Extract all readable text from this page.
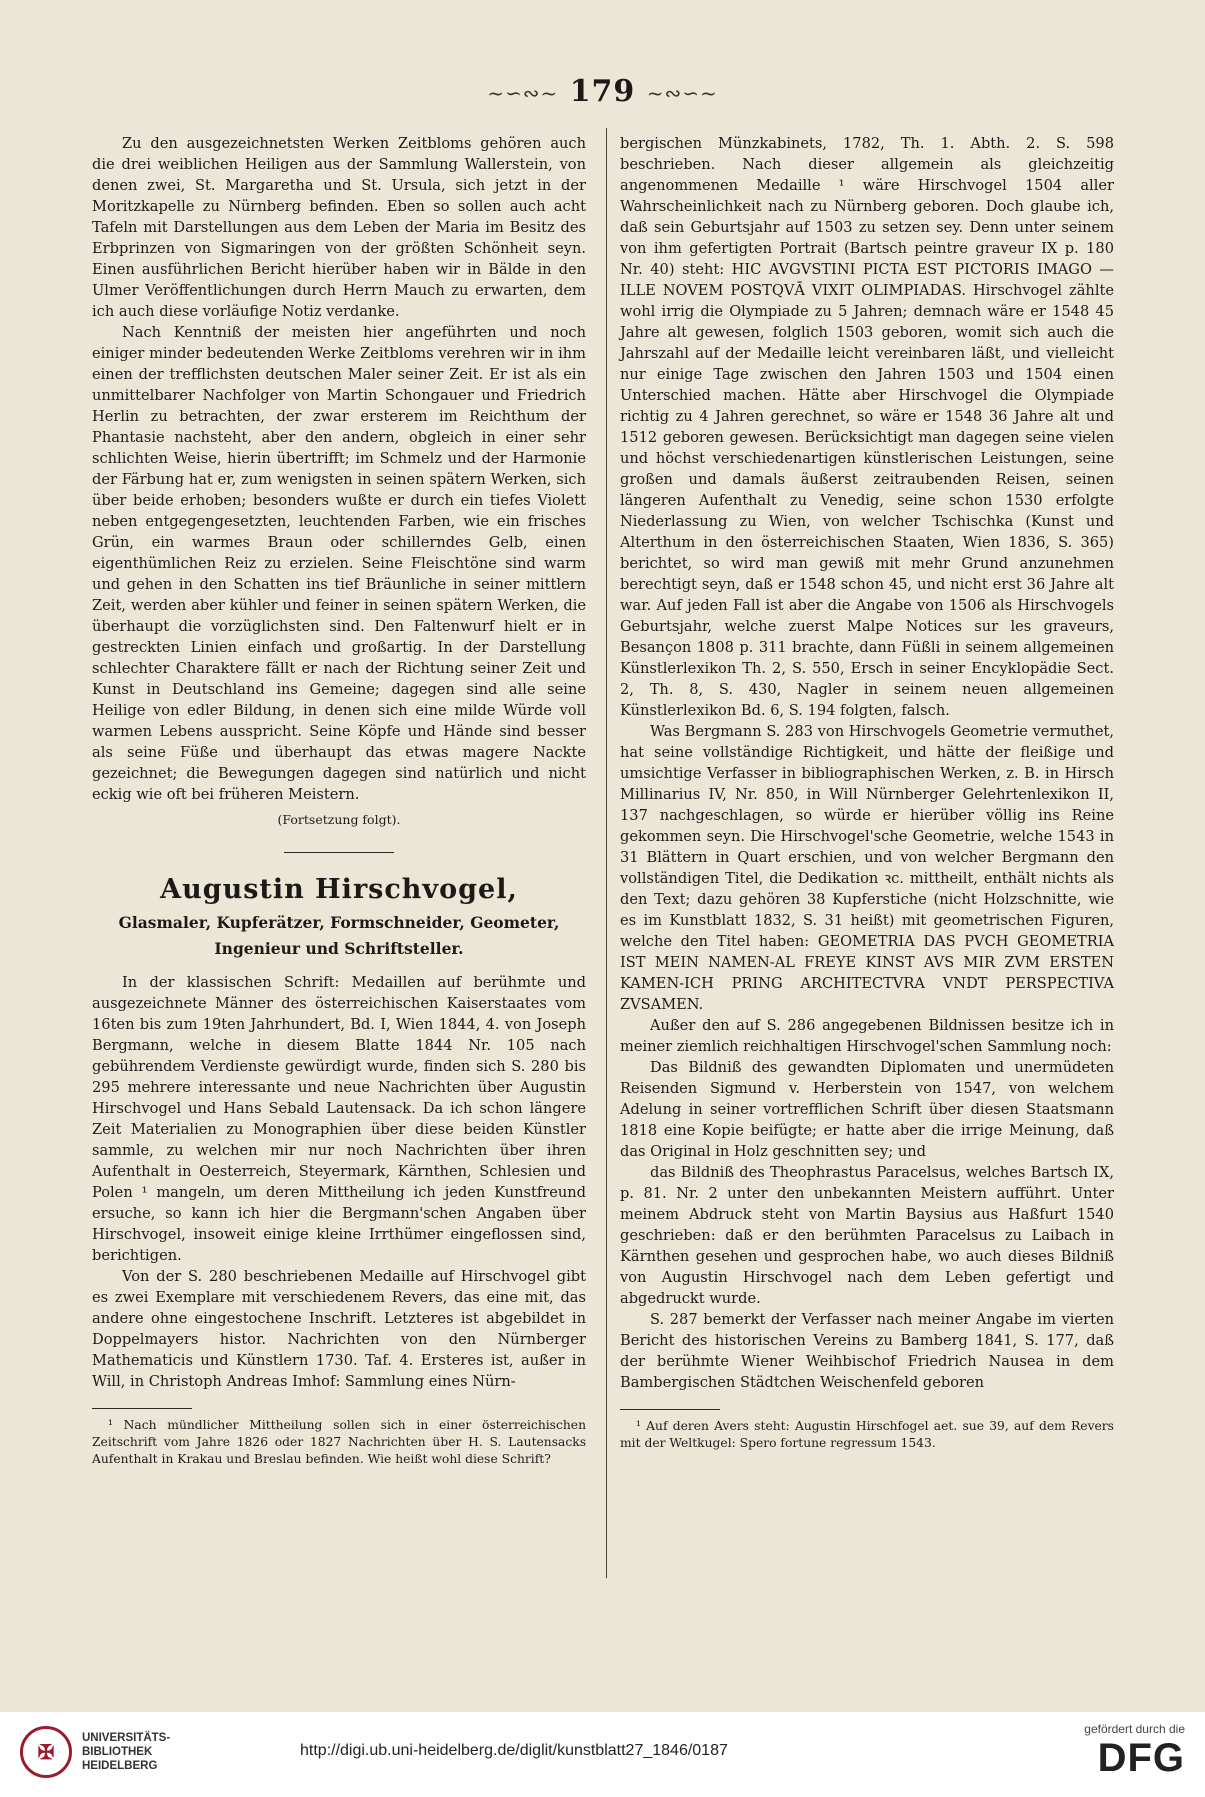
~∽∾~ 179 ~∾∽~

Zu den ausgezeichnetsten Werken Zeitbloms gehören auch die drei weiblichen Heiligen aus der Sammlung Wallerstein, von denen zwei, St. Margaretha und St. Ursula, sich jetzt in der Moritzkapelle zu Nürnberg befinden. Eben so sollen auch acht Tafeln mit Darstellungen aus dem Leben der Maria im Besitz des Erbprinzen von Sigmaringen von der größten Schönheit seyn. Einen ausführlichen Bericht hierüber haben wir in Bälde in den Ulmer Veröffentlichungen durch Herrn Mauch zu erwarten, dem ich auch diese vorläufige Notiz verdanke.

Nach Kenntniß der meisten hier angeführten und noch einiger minder bedeutenden Werke Zeitbloms verehren wir in ihm einen der trefflichsten deutschen Maler seiner Zeit. Er ist als ein unmittelbarer Nachfolger von Martin Schongauer und Friedrich Herlin zu betrachten, der zwar ersterem im Reichthum der Phantasie nachsteht, aber den andern, obgleich in einer sehr schlichten Weise, hierin übertrifft; im Schmelz und der Harmonie der Färbung hat er, zum wenigsten in seinen spätern Werken, sich über beide erhoben; besonders wußte er durch ein tiefes Violett neben entgegengesetzten, leuchtenden Farben, wie ein frisches Grün, ein warmes Braun oder schillerndes Gelb, einen eigenthümlichen Reiz zu erzielen. Seine Fleischtöne sind warm und gehen in den Schatten ins tief Bräunliche in seiner mittlern Zeit, werden aber kühler und feiner in seinen spätern Werken, die überhaupt die vorzüglichsten sind. Den Faltenwurf hielt er in gestreckten Linien einfach und großartig. In der Darstellung schlechter Charaktere fällt er nach der Richtung seiner Zeit und Kunst in Deutschland ins Gemeine; dagegen sind alle seine Heilige von edler Bildung, in denen sich eine milde Würde voll warmen Lebens ausspricht. Seine Köpfe und Hände sind besser als seine Füße und überhaupt das etwas magere Nackte gezeichnet; die Bewegungen dagegen sind natürlich und nicht eckig wie oft bei früheren Meistern.

(Fortsetzung folgt).
Augustin Hirschvogel,
Glasmaler, Kupferätzer, Formschneider, Geometer,
Ingenieur und Schriftsteller.

In der klassischen Schrift: Medaillen auf berühmte und ausgezeichnete Männer des österreichischen Kaiserstaates vom 16ten bis zum 19ten Jahrhundert, Bd. I, Wien 1844, 4. von Joseph Bergmann, welche in diesem Blatte 1844 Nr. 105 nach gebührendem Verdienste gewürdigt wurde, finden sich S. 280 bis 295 mehrere interessante und neue Nachrichten über Augustin Hirschvogel und Hans Sebald Lautensack. Da ich schon längere Zeit Materialien zu Monographien über diese beiden Künstler sammle, zu welchen mir nur noch Nachrichten über ihren Aufenthalt in Oesterreich, Steyermark, Kärnthen, Schlesien und Polen ¹ mangeln, um deren Mittheilung ich jeden Kunstfreund ersuche, so kann ich hier die Bergmann'schen Angaben über Hirschvogel, insoweit einige kleine Irrthümer eingeflossen sind, berichtigen.

Von der S. 280 beschriebenen Medaille auf Hirschvogel gibt es zwei Exemplare mit verschiedenem Revers, das eine mit, das andere ohne eingestochene Inschrift. Letzteres ist abgebildet in Doppelmayers histor. Nachrichten von den Nürnberger Mathematicis und Künstlern 1730. Taf. 4. Ersteres ist, außer in Will, in Christoph Andreas Imhof: Sammlung eines Nürn-

¹ Nach mündlicher Mittheilung sollen sich in einer österreichischen Zeitschrift vom Jahre 1826 oder 1827 Nachrichten über H. S. Lautensacks Aufenthalt in Krakau und Breslau befinden. Wie heißt wohl diese Schrift?

bergischen Münzkabinets, 1782, Th. 1. Abth. 2. S. 598 beschrieben. Nach dieser allgemein als gleichzeitig angenommenen Medaille ¹ wäre Hirschvogel 1504 aller Wahrscheinlichkeit nach zu Nürnberg geboren. Doch glaube ich, daß sein Geburtsjahr auf 1503 zu setzen sey. Denn unter seinem von ihm gefertigten Portrait (Bartsch peintre graveur IX p. 180 Nr. 40) steht: HIC AVGVSTINI PICTA EST PICTORIS IMAGO — ILLE NOVEM POSTQVĀ VIXIT OLIMPIADAS. Hirschvogel zählte wohl irrig die Olympiade zu 5 Jahren; demnach wäre er 1548 45 Jahre alt gewesen, folglich 1503 geboren, womit sich auch die Jahrszahl auf der Medaille leicht vereinbaren läßt, und vielleicht nur einige Tage zwischen den Jahren 1503 und 1504 einen Unterschied machen. Hätte aber Hirschvogel die Olympiade richtig zu 4 Jahren gerechnet, so wäre er 1548 36 Jahre alt und 1512 geboren gewesen. Berücksichtigt man dagegen seine vielen und höchst verschiedenartigen künstlerischen Leistungen, seine großen und damals äußerst zeitraubenden Reisen, seinen längeren Aufenthalt zu Venedig, seine schon 1530 erfolgte Niederlassung zu Wien, von welcher Tschischka (Kunst und Alterthum in den österreichischen Staaten, Wien 1836, S. 365) berichtet, so wird man gewiß mit mehr Grund anzunehmen berechtigt seyn, daß er 1548 schon 45, und nicht erst 36 Jahre alt war. Auf jeden Fall ist aber die Angabe von 1506 als Hirschvogels Geburtsjahr, welche zuerst Malpe Notices sur les graveurs, Besançon 1808 p. 311 brachte, dann Füßli in seinem allgemeinen Künstlerlexikon Th. 2, S. 550, Ersch in seiner Encyklopädie Sect. 2, Th. 8, S. 430, Nagler in seinem neuen allgemeinen Künstlerlexikon Bd. 6, S. 194 folgten, falsch.

Was Bergmann S. 283 von Hirschvogels Geometrie vermuthet, hat seine vollständige Richtigkeit, und hätte der fleißige und umsichtige Verfasser in bibliographischen Werken, z. B. in Hirsch Millinarius IV, Nr. 850, in Will Nürnberger Gelehrtenlexikon II, 137 nachgeschlagen, so würde er hierüber völlig ins Reine gekommen seyn. Die Hirschvogel'sche Geometrie, welche 1543 in 31 Blättern in Quart erschien, und von welcher Bergmann den vollständigen Titel, die Dedikation ꝛc. mittheilt, enthält nichts als den Text; dazu gehören 38 Kupferstiche (nicht Holzschnitte, wie es im Kunstblatt 1832, S. 31 heißt) mit geometrischen Figuren, welche den Titel haben: GEOMETRIA DAS PVCH GEOMETRIA IST MEIN NAMEN-AL FREYE KINST AVS MIR ZVM ERSTEN KAMEN-ICH PRING ARCHITECTVRA VNDT PERSPECTIVA ZVSAMEN.

Außer den auf S. 286 angegebenen Bildnissen besitze ich in meiner ziemlich reichhaltigen Hirschvogel'schen Sammlung noch:

Das Bildniß des gewandten Diplomaten und unermüdeten Reisenden Sigmund v. Herberstein von 1547, von welchem Adelung in seiner vortrefflichen Schrift über diesen Staatsmann 1818 eine Kopie beifügte; er hatte aber die irrige Meinung, daß das Original in Holz geschnitten sey; und

das Bildniß des Theophrastus Paracelsus, welches Bartsch IX, p. 81. Nr. 2 unter den unbekannten Meistern aufführt. Unter meinem Abdruck steht von Martin Baysius aus Haßfurt 1540 geschrieben: daß er den berühmten Paracelsus zu Laibach in Kärnthen gesehen und gesprochen habe, wo auch dieses Bildniß von Augustin Hirschvogel nach dem Leben gefertigt und abgedruckt wurde.

S. 287 bemerkt der Verfasser nach meiner Angabe im vierten Bericht des historischen Vereins zu Bamberg 1841, S. 177, daß der berühmte Wiener Weihbischof Friedrich Nausea in dem Bambergischen Städtchen Weischenfeld geboren

¹ Auf deren Avers steht: Augustin Hirschfogel aet. sue 39, auf dem Revers mit der Weltkugel: Spero fortune regressum 1543.

✠
UNIVERSITÄTS-
BIBLIOTHEK
HEIDELBERG
http://digi.ub.uni-heidelberg.de/diglit/kunstblatt27_1846/0187
gefördert durch die
DFG
